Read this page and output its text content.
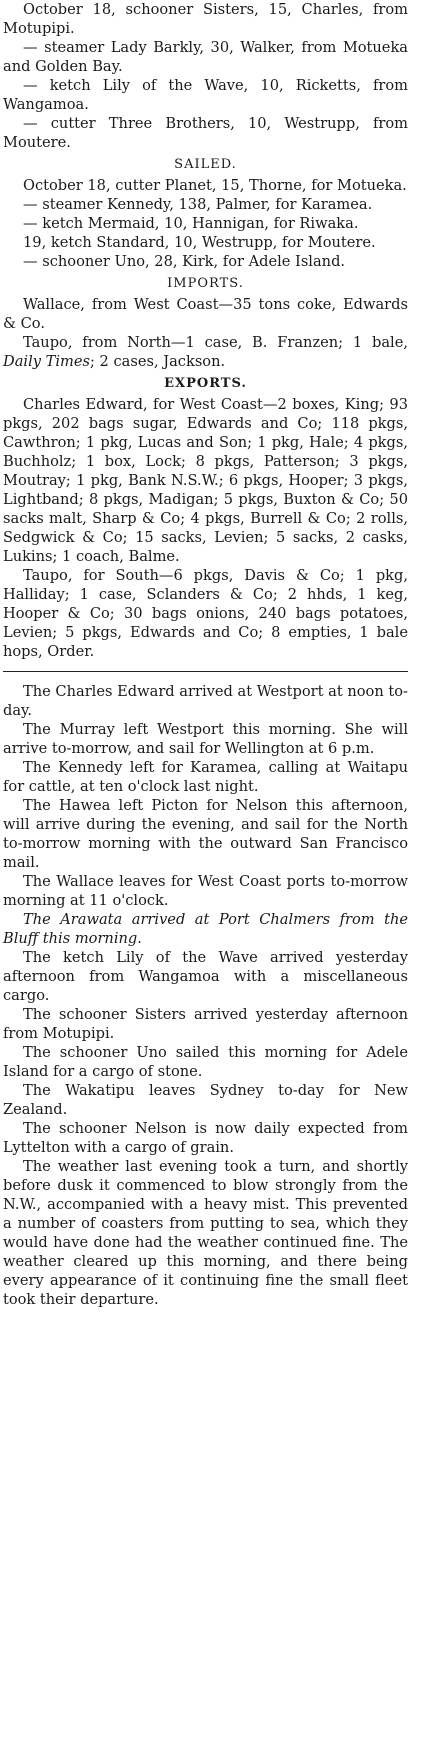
October 18, schooner Sisters, 15, Charles, from Motupipi.

— steamer Lady Barkly, 30, Walker, from Motueka and Golden Bay.

— ketch Lily of the Wave, 10, Ricketts, from Wangamoa.

— cutter Three Brothers, 10, Westrupp, from Moutere.

SAILED.

October 18, cutter Planet, 15, Thorne, for Motueka.

— steamer Kennedy, 138, Palmer, for Karamea.

— ketch Mermaid, 10, Hannigan, for Riwaka.

19, ketch Standard, 10, Westrupp, for Moutere.

— schooner Uno, 28, Kirk, for Adele Island.

IMPORTS.

Wallace, from West Coast—35 tons coke, Edwards & Co.

Taupo, from North—1 case, B. Franzen; 1 bale, Daily Times; 2 cases, Jackson.

EXPORTS.

Charles Edward, for West Coast—2 boxes, King; 93 pkgs, 202 bags sugar, Edwards and Co; 118 pkgs, Cawthron; 1 pkg, Lucas and Son; 1 pkg, Hale; 4 pkgs, Buchholz; 1 box, Lock; 8 pkgs, Patterson; 3 pkgs, Moutray; 1 pkg, Bank N.S.W.; 6 pkgs, Hooper; 3 pkgs, Lightband; 8 pkgs, Madigan; 5 pkgs, Buxton & Co; 50 sacks malt, Sharp & Co; 4 pkgs, Burrell & Co; 2 rolls, Sedgwick & Co; 15 sacks, Levien; 5 sacks, 2 casks, Lukins; 1 coach, Balme.

Taupo, for South—6 pkgs, Davis & Co; 1 pkg, Halliday; 1 case, Sclanders & Co; 2 hhds, 1 keg, Hooper & Co; 30 bags onions, 240 bags potatoes, Levien; 5 pkgs, Edwards and Co; 8 empties, 1 bale hops, Order.

The Charles Edward arrived at Westport at noon to-day.

The Murray left Westport this morning. She will arrive to-morrow, and sail for Wellington at 6 p.m.

The Kennedy left for Karamea, calling at Waitapu for cattle, at ten o'clock last night.

The Hawea left Picton for Nelson this afternoon, will arrive during the evening, and sail for the North to-morrow morning with the outward San Francisco mail.

The Wallace leaves for West Coast ports to-morrow morning at 11 o'clock.

The Arawata arrived at Port Chalmers from the Bluff this morning.

The ketch Lily of the Wave arrived yesterday afternoon from Wangamoa with a miscellaneous cargo.

The schooner Sisters arrived yesterday afternoon from Motupipi.

The schooner Uno sailed this morning for Adele Island for a cargo of stone.

The Wakatipu leaves Sydney to-day for New Zealand.

The schooner Nelson is now daily expected from Lyttelton with a cargo of grain.

The weather last evening took a turn, and shortly before dusk it commenced to blow strongly from the N.W., accompanied with a heavy mist. This prevented a number of coasters from putting to sea, which they would have done had the weather continued fine. The weather cleared up this morning, and there being every appearance of it continuing fine the small fleet took their departure.
